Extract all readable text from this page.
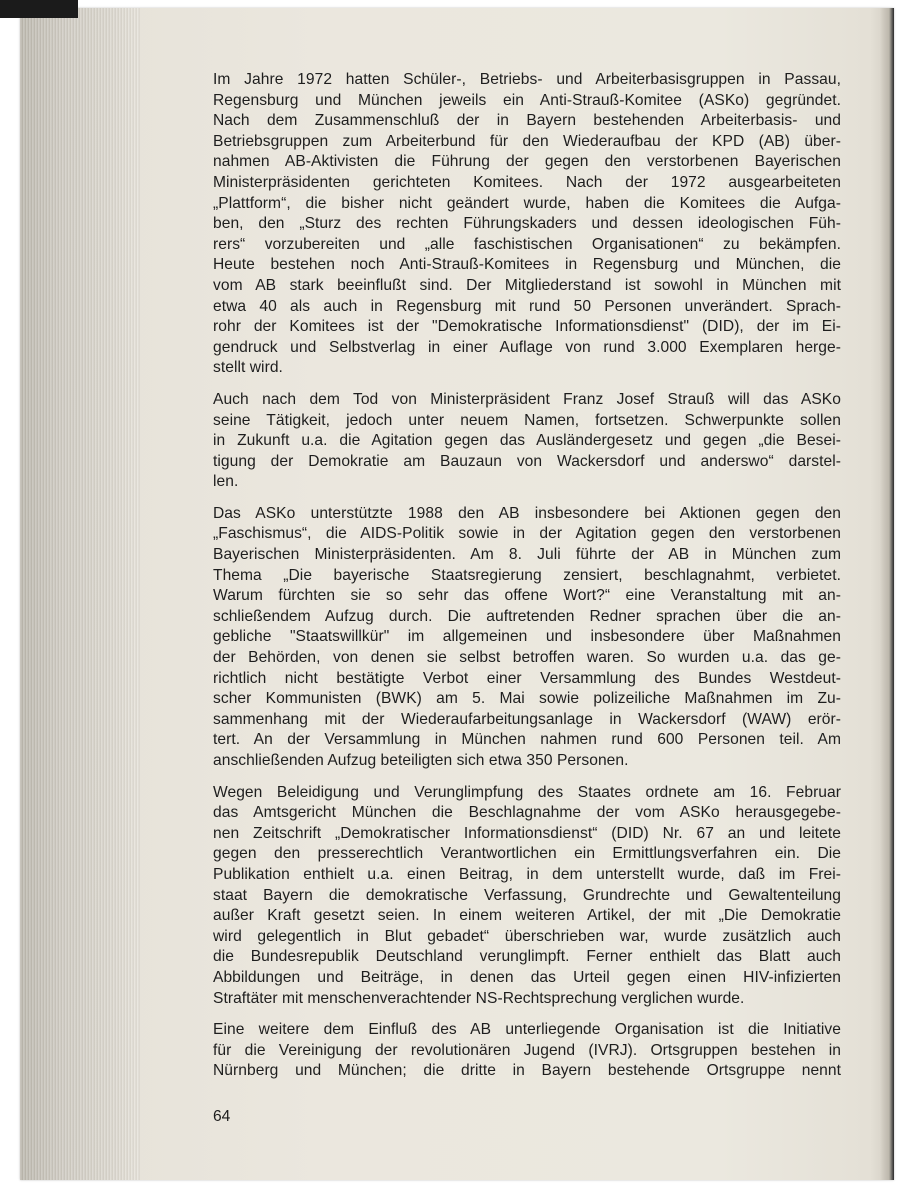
Im Jahre 1972 hatten Schüler-, Betriebs- und Arbeiterbasisgruppen in Passau,
Regensburg und München jeweils ein Anti-Strauß-Komitee (ASKo) gegründet.
Nach dem Zusammenschluß der in Bayern bestehenden Arbeiterbasis- und
Betriebsgruppen zum Arbeiterbund für den Wiederaufbau der KPD (AB) über-
nahmen AB-Aktivisten die Führung der gegen den verstorbenen Bayerischen
Ministerpräsidenten gerichteten Komitees. Nach der 1972 ausgearbeiteten
„Plattform“, die bisher nicht geändert wurde, haben die Komitees die Aufga-
ben, den „Sturz des rechten Führungskaders und dessen ideologischen Füh-
rers“ vorzubereiten und „alle faschistischen Organisationen“ zu bekämpfen.
Heute bestehen noch Anti-Strauß-Komitees in Regensburg und München, die
vom AB stark beeinflußt sind. Der Mitgliederstand ist sowohl in München mit
etwa 40 als auch in Regensburg mit rund 50 Personen unverändert. Sprach-
rohr der Komitees ist der "Demokratische Informationsdienst" (DID), der im Ei-
gendruck und Selbstverlag in einer Auflage von rund 3.000 Exemplaren herge-
stellt wird.

Auch nach dem Tod von Ministerpräsident Franz Josef Strauß will das ASKo
seine Tätigkeit, jedoch unter neuem Namen, fortsetzen. Schwerpunkte sollen
in Zukunft u.a. die Agitation gegen das Ausländergesetz und gegen „die Besei-
tigung der Demokratie am Bauzaun von Wackersdorf und anderswo“ darstel-
len.

Das ASKo unterstützte 1988 den AB insbesondere bei Aktionen gegen den
„Faschismus“, die AIDS-Politik sowie in der Agitation gegen den verstorbenen
Bayerischen Ministerpräsidenten. Am 8. Juli führte der AB in München zum
Thema „Die bayerische Staatsregierung zensiert, beschlagnahmt, verbietet.
Warum fürchten sie so sehr das offene Wort?“ eine Veranstaltung mit an-
schließendem Aufzug durch. Die auftretenden Redner sprachen über die an-
gebliche "Staatswillkür" im allgemeinen und insbesondere über Maßnahmen
der Behörden, von denen sie selbst betroffen waren. So wurden u.a. das ge-
richtlich nicht bestätigte Verbot einer Versammlung des Bundes Westdeut-
scher Kommunisten (BWK) am 5. Mai sowie polizeiliche Maßnahmen im Zu-
sammenhang mit der Wiederaufarbeitungsanlage in Wackersdorf (WAW) erör-
tert. An der Versammlung in München nahmen rund 600 Personen teil. Am
anschließenden Aufzug beteiligten sich etwa 350 Personen.

Wegen Beleidigung und Verunglimpfung des Staates ordnete am 16. Februar
das Amtsgericht München die Beschlagnahme der vom ASKo herausgegebe-
nen Zeitschrift „Demokratischer Informationsdienst“ (DID) Nr. 67 an und leitete
gegen den presserechtlich Verantwortlichen ein Ermittlungsverfahren ein. Die
Publikation enthielt u.a. einen Beitrag, in dem unterstellt wurde, daß im Frei-
staat Bayern die demokratische Verfassung, Grundrechte und Gewaltenteilung
außer Kraft gesetzt seien. In einem weiteren Artikel, der mit „Die Demokratie
wird gelegentlich in Blut gebadet“ überschrieben war, wurde zusätzlich auch
die Bundesrepublik Deutschland verunglimpft. Ferner enthielt das Blatt auch
Abbildungen und Beiträge, in denen das Urteil gegen einen HIV-infizierten
Straftäter mit menschenverachtender NS-Rechtsprechung verglichen wurde.

Eine weitere dem Einfluß des AB unterliegende Organisation ist die Initiative
für die Vereinigung der revolutionären Jugend (IVRJ). Ortsgruppen bestehen in
Nürnberg und München; die dritte in Bayern bestehende Ortsgruppe nennt

64
